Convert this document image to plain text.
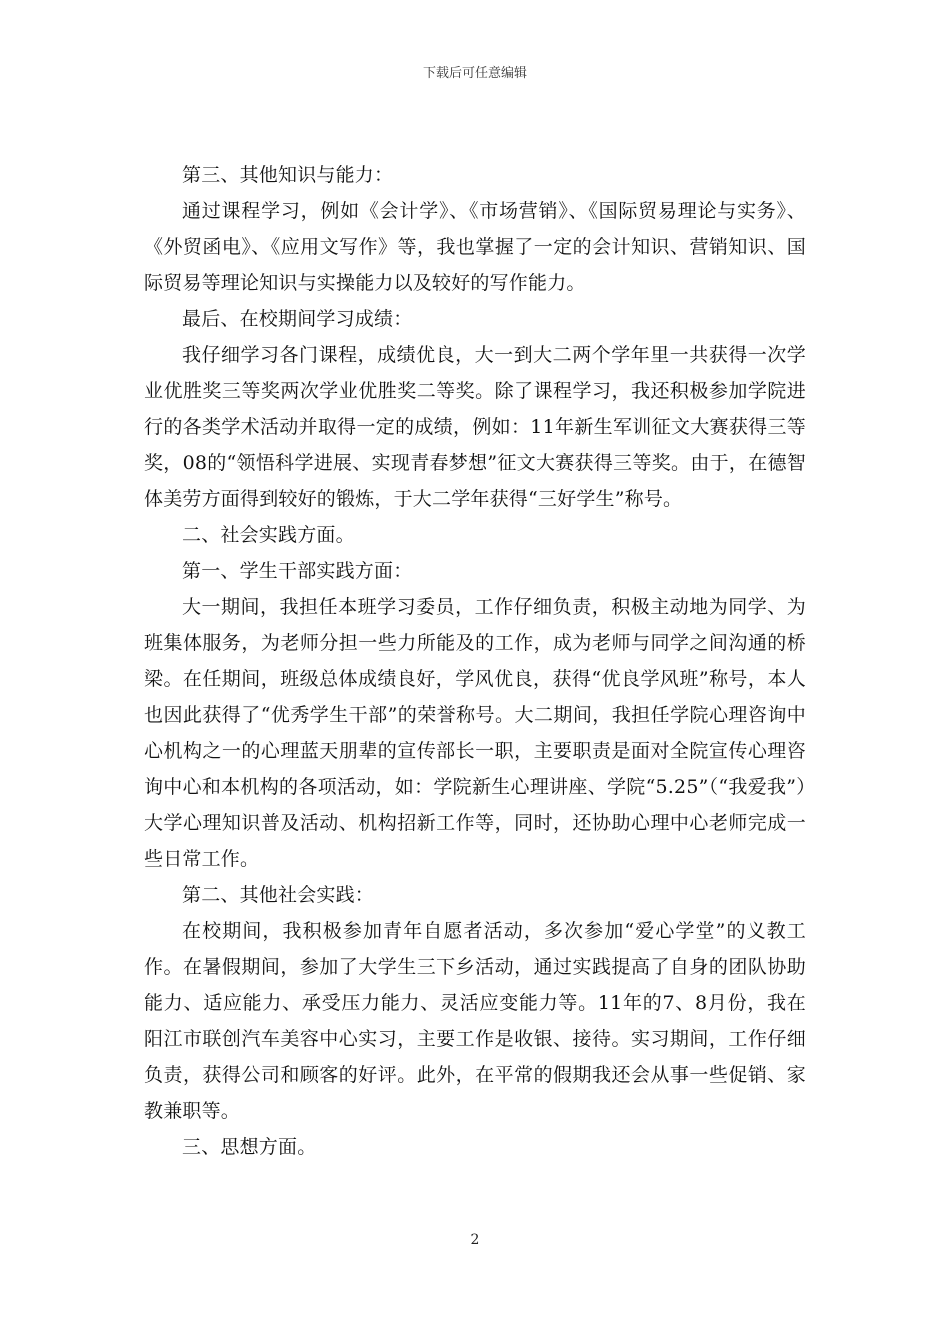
下载后可任意编辑

第三、其他知识与能力：

通过课程学习，例如《会计学》、《市场营销》、《国际贸易理论与实务》、《外贸函电》、《应用文写作》等，我也掌握了一定的会计知识、营销知识、国际贸易等理论知识与实操能力以及较好的写作能力。

最后、在校期间学习成绩：

我仔细学习各门课程，成绩优良，大一到大二两个学年里一共获得一次学业优胜奖三等奖两次学业优胜奖二等奖。除了课程学习，我还积极参加学院进行的各类学术活动并取得一定的成绩，例如：11年新生军训征文大赛获得三等奖，08的“领悟科学进展、实现青春梦想”征文大赛获得三等奖。由于，在德智体美劳方面得到较好的锻炼，于大二学年获得“三好学生”称号。

二、社会实践方面。

第一、学生干部实践方面：

大一期间，我担任本班学习委员，工作仔细负责，积极主动地为同学、为班集体服务，为老师分担一些力所能及的工作，成为老师与同学之间沟通的桥梁。在任期间，班级总体成绩良好，学风优良，获得“优良学风班”称号，本人也因此获得了“优秀学生干部”的荣誉称号。大二期间，我担任学院心理咨询中心机构之一的心理蓝天朋辈的宣传部长一职，主要职责是面对全院宣传心理咨询中心和本机构的各项活动，如：学院新生心理讲座、学院“5.25”（“我爱我”）大学心理知识普及活动、机构招新工作等，同时，还协助心理中心老师完成一些日常工作。

第二、其他社会实践：

在校期间，我积极参加青年自愿者活动，多次参加“爱心学堂”的义教工作。在暑假期间，参加了大学生三下乡活动，通过实践提高了自身的团队协助能力、适应能力、承受压力能力、灵活应变能力等。11年的7、8月份，我在阳江市联创汽车美容中心实习，主要工作是收银、接待。实习期间，工作仔细负责，获得公司和顾客的好评。此外，在平常的假期我还会从事一些促销、家教兼职等。

三、思想方面。

2
